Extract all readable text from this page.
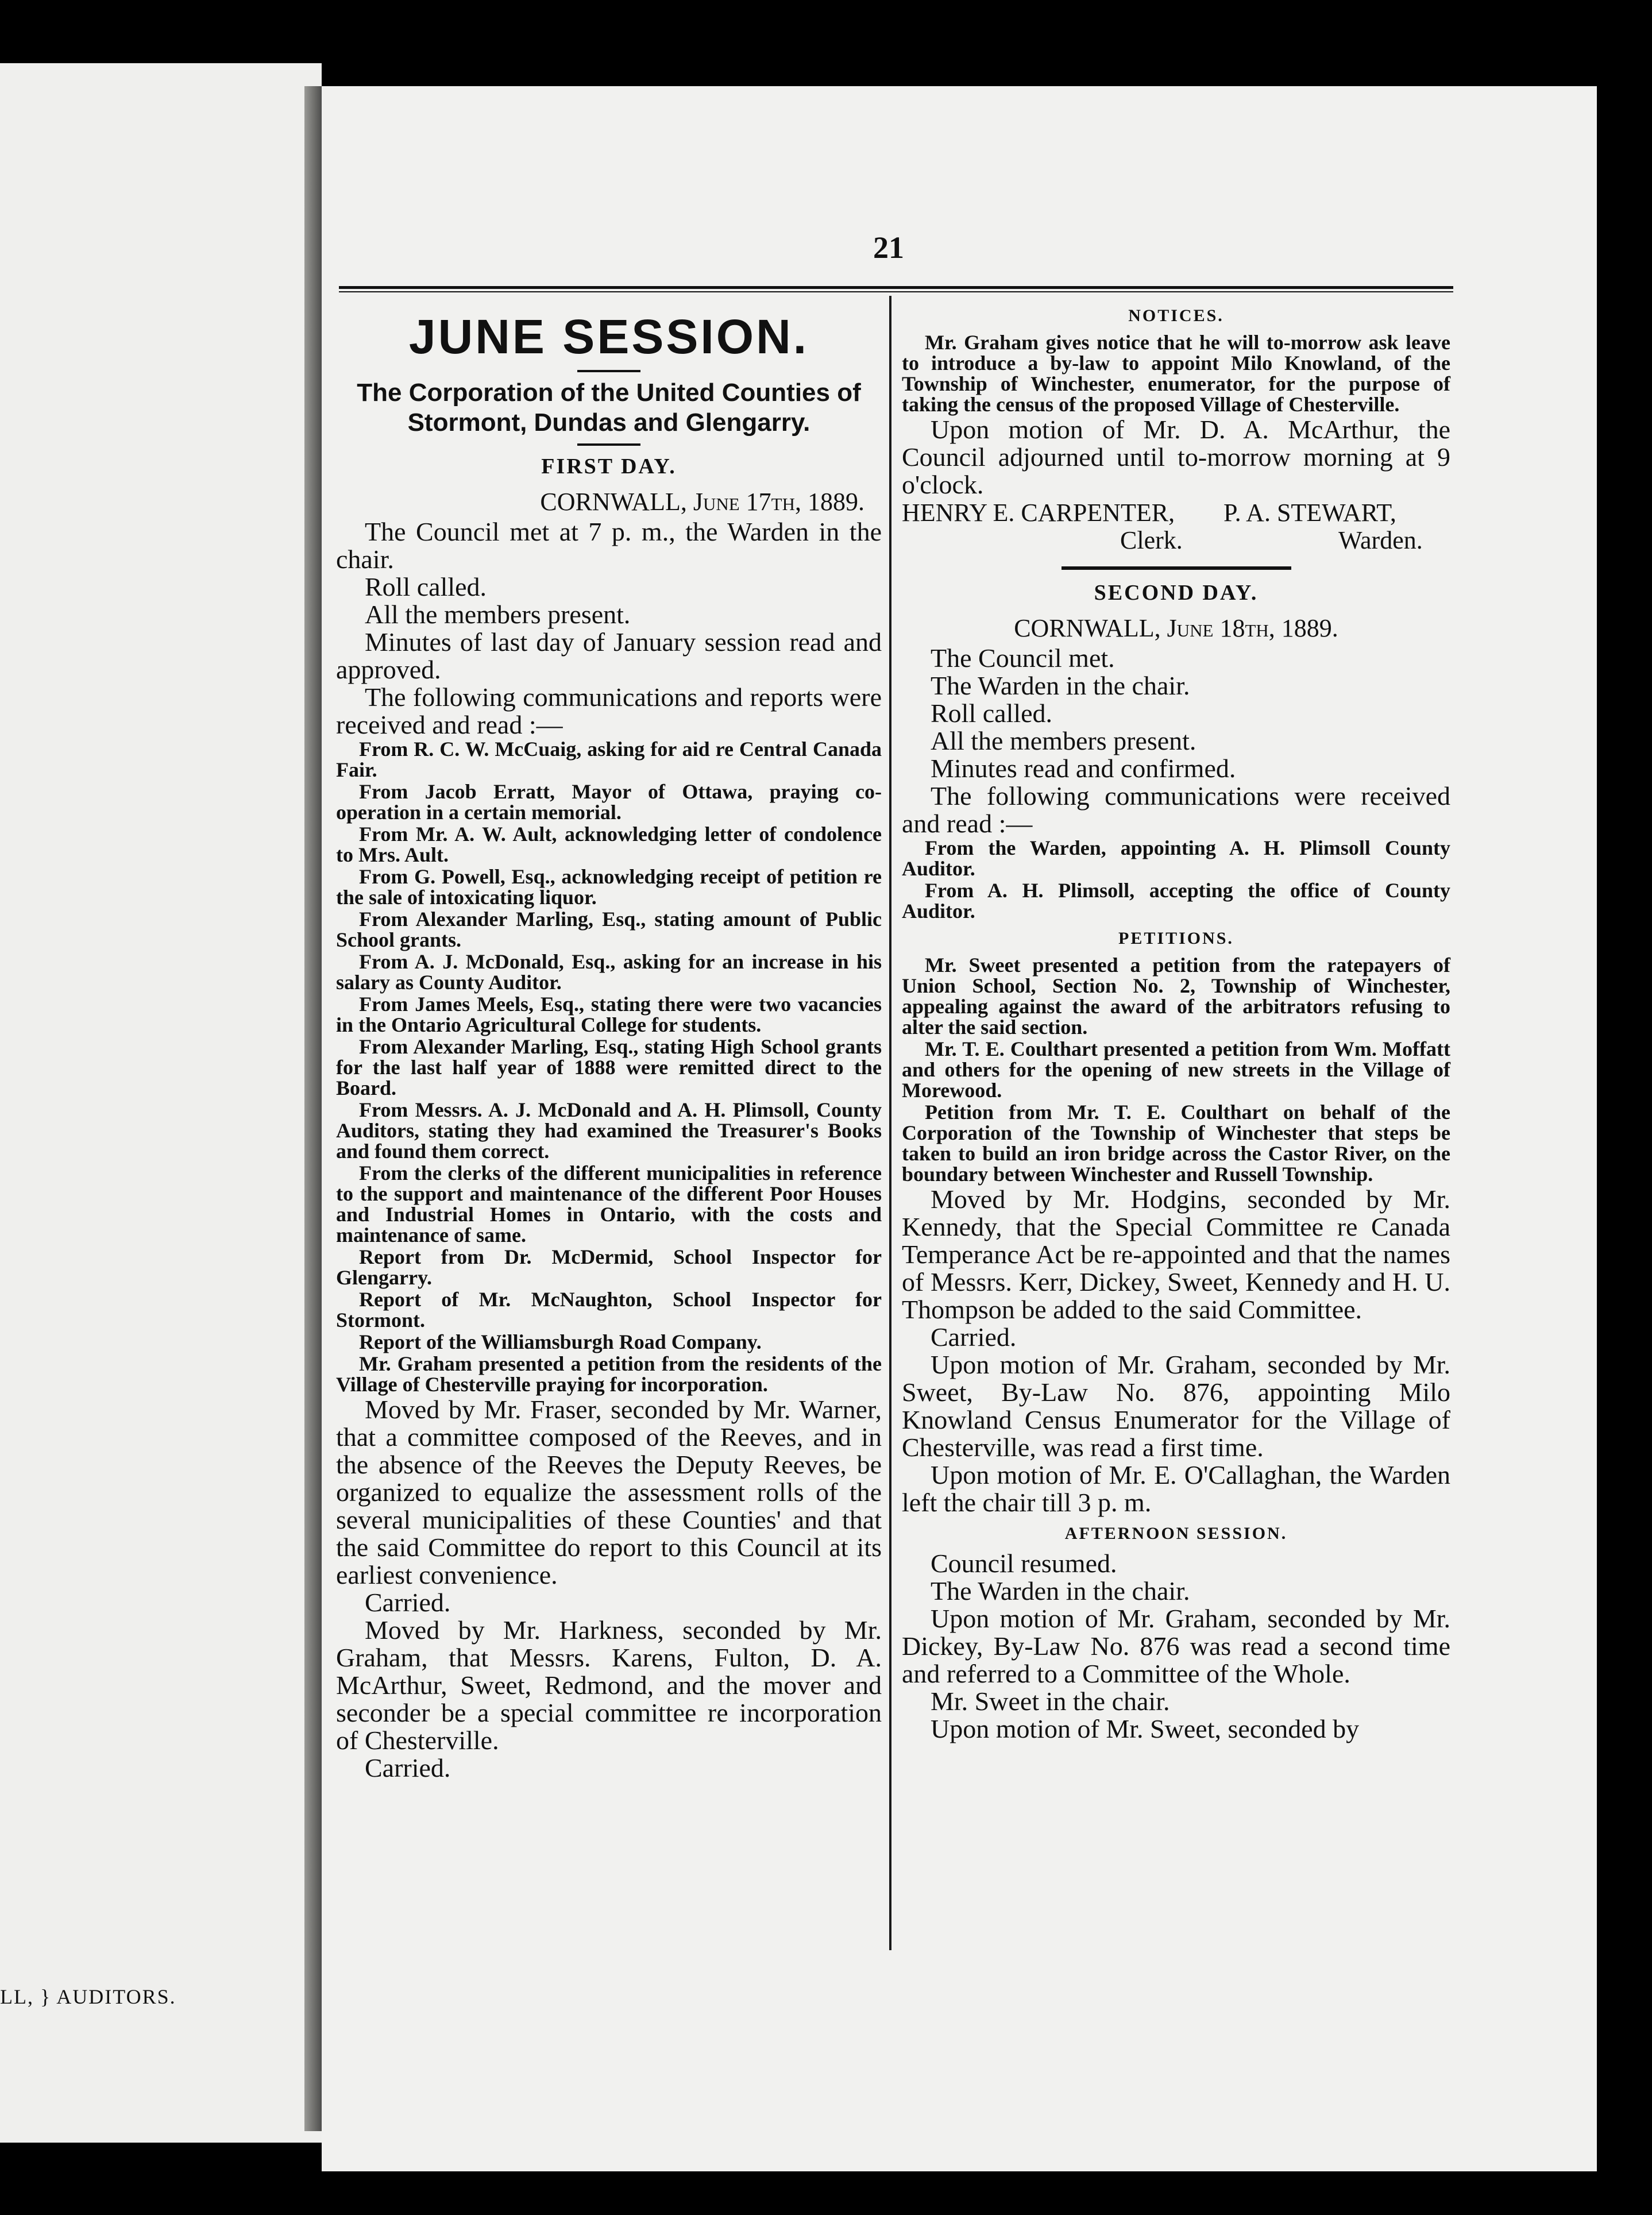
LL, } AUDITORS.
21
JUNE SESSION.
The Corporation of the United Counties of Stormont, Dundas and Glengarry.
FIRST DAY.
CORNWALL, June 17th, 1889.
The Council met at 7 p. m., the Warden in the chair.
Roll called.
All the members present.
Minutes of last day of January session read and approved.
The following communications and reports were received and read :—
From R. C. W. McCuaig, asking for aid re Central Canada Fair.
From Jacob Erratt, Mayor of Ottawa, praying co-operation in a certain memorial.
From Mr. A. W. Ault, acknowledging letter of condolence to Mrs. Ault.
From G. Powell, Esq., acknowledging receipt of petition re the sale of intoxicating liquor.
From Alexander Marling, Esq., stating amount of Public School grants.
From A. J. McDonald, Esq., asking for an increase in his salary as County Auditor.
From James Meels, Esq., stating there were two vacancies in the Ontario Agricultural College for students.
From Alexander Marling, Esq., stating High School grants for the last half year of 1888 were remitted direct to the Board.
From Messrs. A. J. McDonald and A. H. Plimsoll, County Auditors, stating they had examined the Treasurer's Books and found them correct.
From the clerks of the different municipalities in reference to the support and maintenance of the different Poor Houses and Industrial Homes in Ontario, with the costs and maintenance of same.
Report from Dr. McDermid, School Inspector for Glengarry.
Report of Mr. McNaughton, School Inspector for Stormont.
Report of the Williamsburgh Road Company.
Mr. Graham presented a petition from the residents of the Village of Chesterville praying for incorporation.
Moved by Mr. Fraser, seconded by Mr. Warner, that a committee composed of the Reeves, and in the absence of the Reeves the Deputy Reeves, be organized to equalize the assessment rolls of the several municipalities of these Counties' and that the said Committee do report to this Council at its earliest convenience.
Carried.
Moved by Mr. Harkness, seconded by Mr. Graham, that Messrs. Karens, Fulton, D. A. McArthur, Sweet, Redmond, and the mover and seconder be a special committee re incorporation of Chesterville.
Carried.
NOTICES.
Mr. Graham gives notice that he will to-morrow ask leave to introduce a by-law to appoint Milo Knowland, of the Township of Winchester, enumerator, for the purpose of taking the census of the proposed Village of Chesterville.
Upon motion of Mr. D. A. McArthur, the Council adjourned until to-morrow morning at 9 o'clock.
HENRY E. CARPENTER, P. A. STEWART,
Clerk.	Warden.
SECOND DAY.
CORNWALL, June 18th, 1889.
The Council met.
The Warden in the chair.
Roll called.
All the members present.
Minutes read and confirmed.
The following communications were received and read :—
From the Warden, appointing A. H. Plimsoll County Auditor.
From A. H. Plimsoll, accepting the office of County Auditor.
PETITIONS.
Mr. Sweet presented a petition from the ratepayers of Union School, Section No. 2, Township of Winchester, appealing against the award of the arbitrators refusing to alter the said section.
Mr. T. E. Coulthart presented a petition from Wm. Moffatt and others for the opening of new streets in the Village of Morewood.
Petition from Mr. T. E. Coulthart on behalf of the Corporation of the Township of Winchester that steps be taken to build an iron bridge across the Castor River, on the boundary between Winchester and Russell Township.
Moved by Mr. Hodgins, seconded by Mr. Kennedy, that the Special Committee re Canada Temperance Act be re-appointed and that the names of Messrs. Kerr, Dickey, Sweet, Kennedy and H. U. Thompson be added to the said Committee.
Carried.
Upon motion of Mr. Graham, seconded by Mr. Sweet, By-Law No. 876, appointing Milo Knowland Census Enumerator for the Village of Chesterville, was read a first time.
Upon motion of Mr. E. O'Callaghan, the Warden left the chair till 3 p. m.
AFTERNOON SESSION.
Council resumed.
The Warden in the chair.
Upon motion of Mr. Graham, seconded by Mr. Dickey, By-Law No. 876 was read a second time and referred to a Committee of the Whole.
Mr. Sweet in the chair.
Upon motion of Mr. Sweet, seconded by
